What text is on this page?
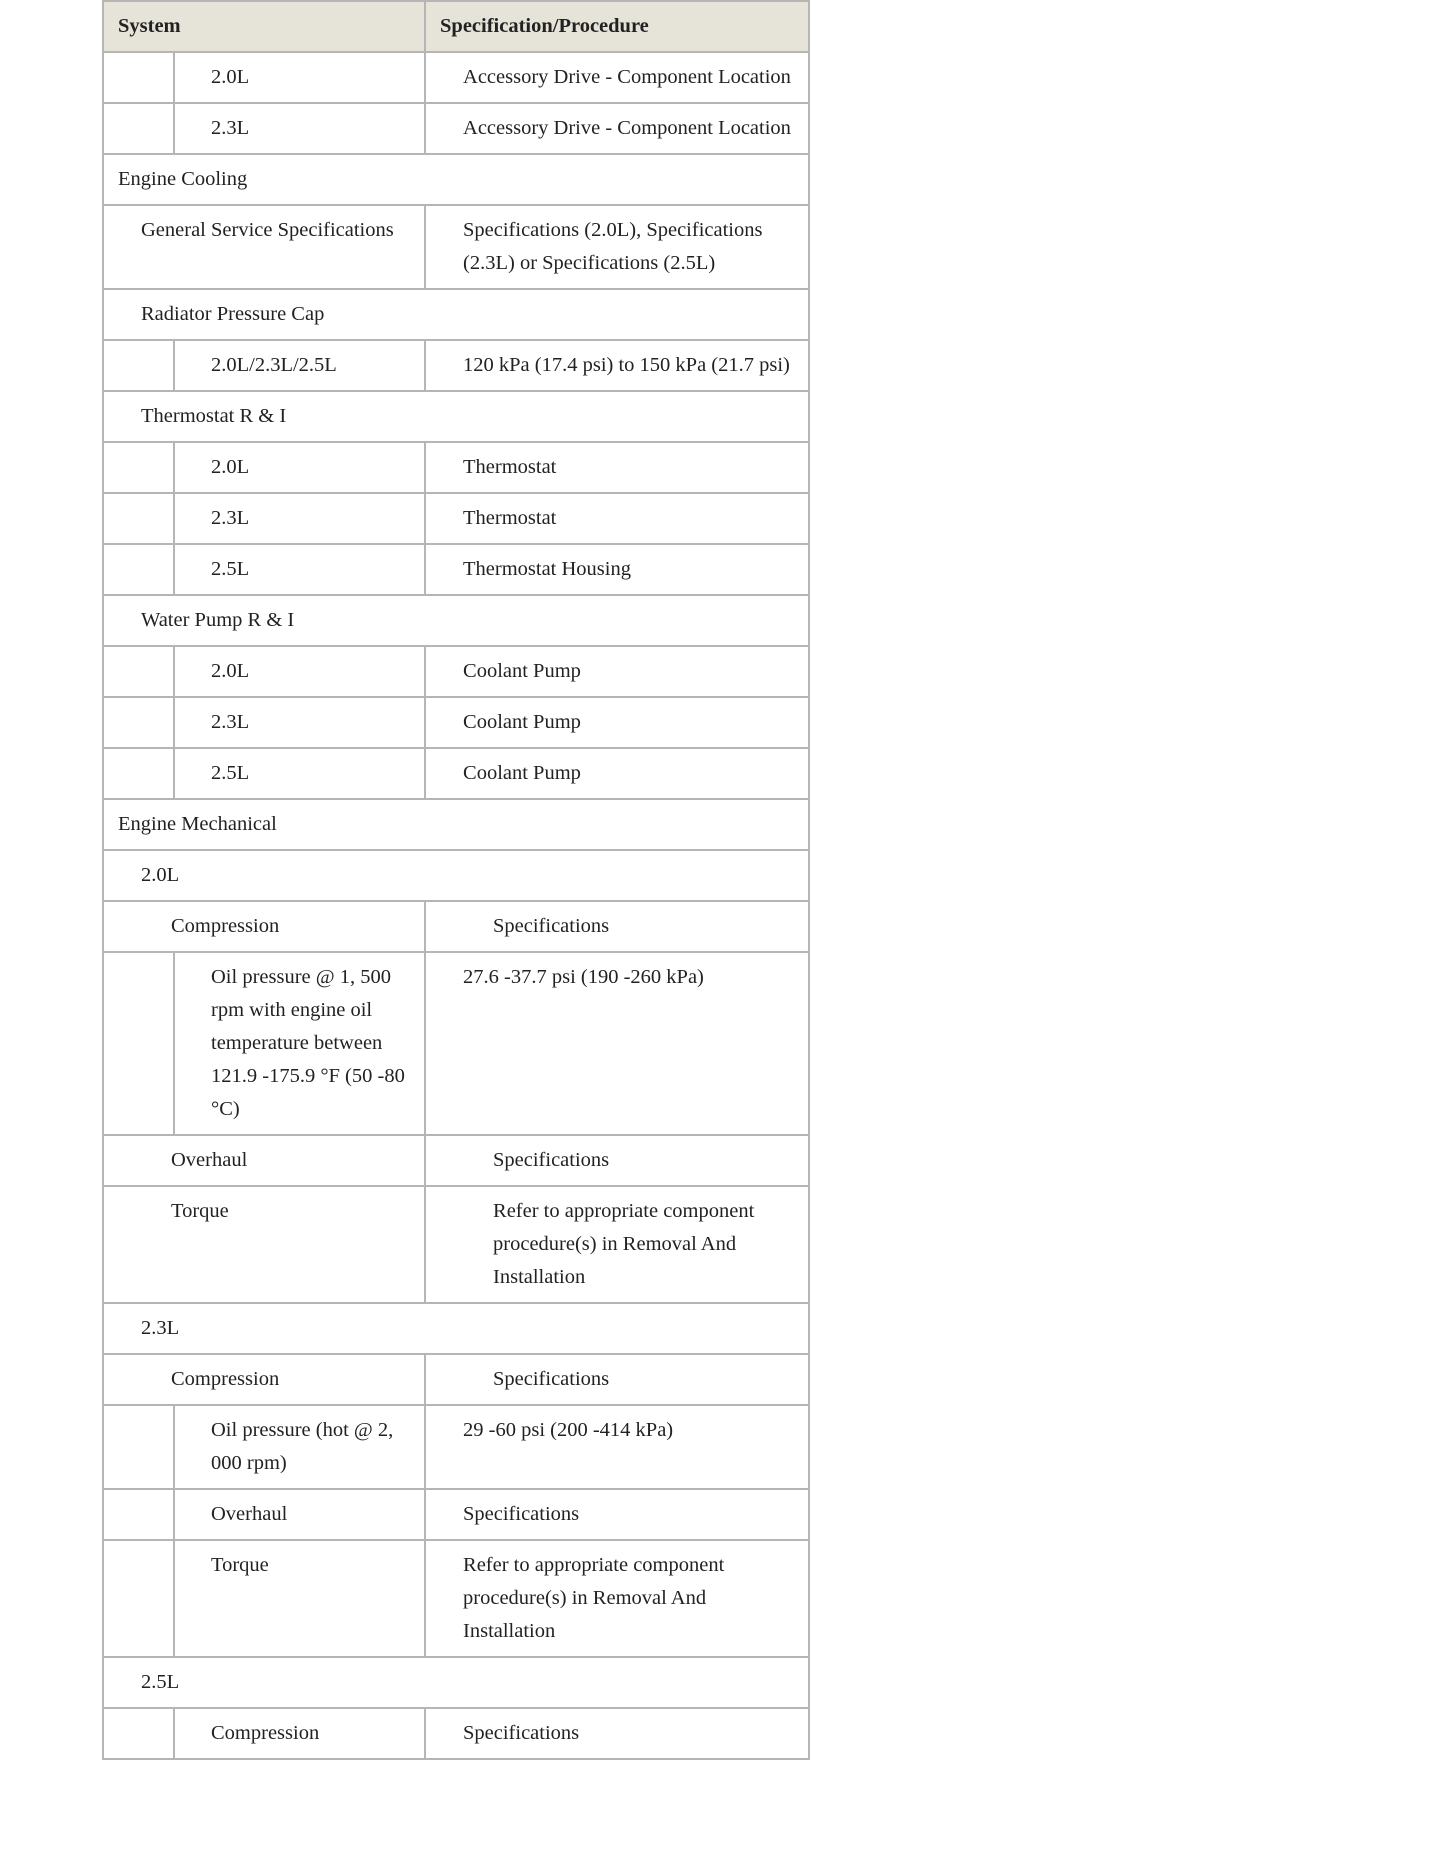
System		Specification/Procedure
	2.0L	Accessory Drive - Component Location
	2.3L	Accessory Drive - Component Location
Engine Cooling		
General Service Specifications		Specifications (2.0L), Specifications (2.3L) or Specifications (2.5L)
Radiator Pressure Cap		
	2.0L/2.3L/2.5L	120 kPa (17.4 psi) to 150 kPa (21.7 psi)
Thermostat R & I		
	2.0L	Thermostat
	2.3L	Thermostat
	2.5L	Thermostat Housing
Water Pump R & I		
	2.0L	Coolant Pump
	2.3L	Coolant Pump
	2.5L	Coolant Pump
Engine Mechanical		
2.0L		
Compression		Specifications
	Oil pressure @ 1, 500 rpm with engine oil temperature between 121.9 -175.9 °F (50 -80 °C)	27.6 -37.7 psi (190 -260 kPa)
Overhaul		Specifications
Torque		Refer to appropriate component procedure(s) in Removal And Installation
2.3L		
Compression		Specifications
	Oil pressure (hot @ 2, 000 rpm)	29 -60 psi (200 -414 kPa)
	Overhaul	Specifications
	Torque	Refer to appropriate component procedure(s) in Removal And Installation
2.5L		
	Compression	Specifications
